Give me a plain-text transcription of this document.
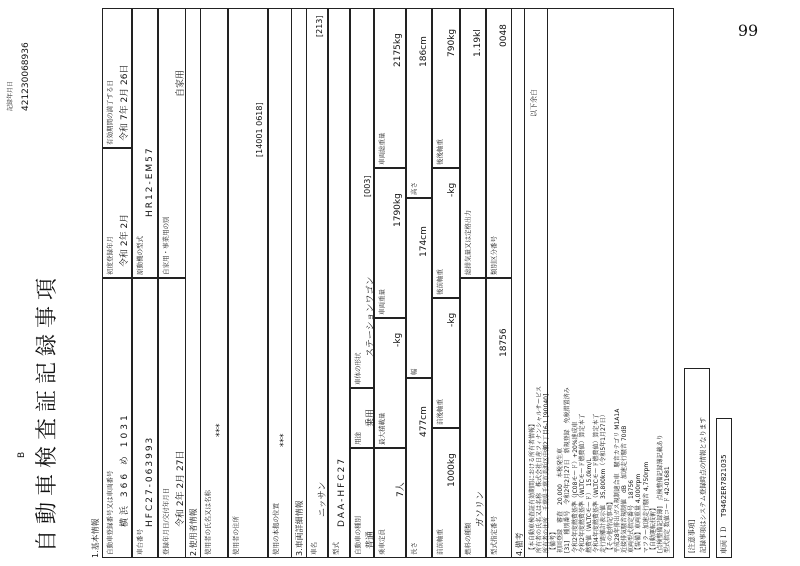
記録年月日 421230068936
B 自動車検査証記録事項	1.基本情報 自動車登録番号又は車両番号 横浜 366 め 1031
初度登録年月 令和 2年 2月
有効期間の満了する日 令和 7年 2月 26日
車台番号
HFC27-063993
原動機の型式
HR12-EM57
登録年月日/交付年月日 令和 2年 2月 27日
自家用・事業用の別
自家用
2.使用者情報 使用者の氏名又は名称
***
使用者の住所
[14001 0618]
使用の本拠の位置
***
3.車両詳細情報 車名
ニッサン
[213]
型式
DAA-HFC27
自動車の種別 普通
用途
乗用
車体の形状
ステーションワゴン
[003]
乗車定員
7人
最大積載量
-kg
車両重量
1790kg
車両総重量
2175kg
長さ
477cm
幅
174cm
高さ
186cm
前前軸重
1000kg
前後軸重
-kg
後前軸重
-kg
後後軸重
790kg
燃料の種類
ガソリン
総排気量又は定格出力
1.19kl
型式指定番号
18756
類別区分番号
0048
4.備考 【本自動車検査証有効期間における所有者情報】 所有者の氏名又は名称　株式会社日産フィナンシャルサービス 所有者の住所　千葉県千葉市美浜区中瀬2丁目6-1 [90040] 【備考】 初回登録　審査　20.000　本税発生車 [31]　種別番号　令和2年2月27日　新規登録　免税措置済み 令和2年度燃費基準（JC08モード）+20%達成車 令和2年度燃費基準（WLTCモード燃費値）算定本了 燃費値（WLTCモード）　15.0km/L 令和4年度燃費基準（WLTCモード燃費値）算定本了 走行距離計表示値　35,800km（令和5年1月27日） 【その他特記事項】 平成28年排出ガス規制適合車　騒音カテゴリ M1A1A 近接排気騒音規制値　dB　加速走行騒音 70dB 車両型式指定番号　18756 【装備】車両重量 4,000rpm マフラー加速走行騒音 4,750rpm 【自動運転技術】 [点検整備記録簿]　点検整備記録簿記載あり 型式指定 数値コード 42-01681
以下余白
[注意事項] 記録事項はシステム登録時点の情報となります 車両ＩＤ
T9462ER7821035
99
